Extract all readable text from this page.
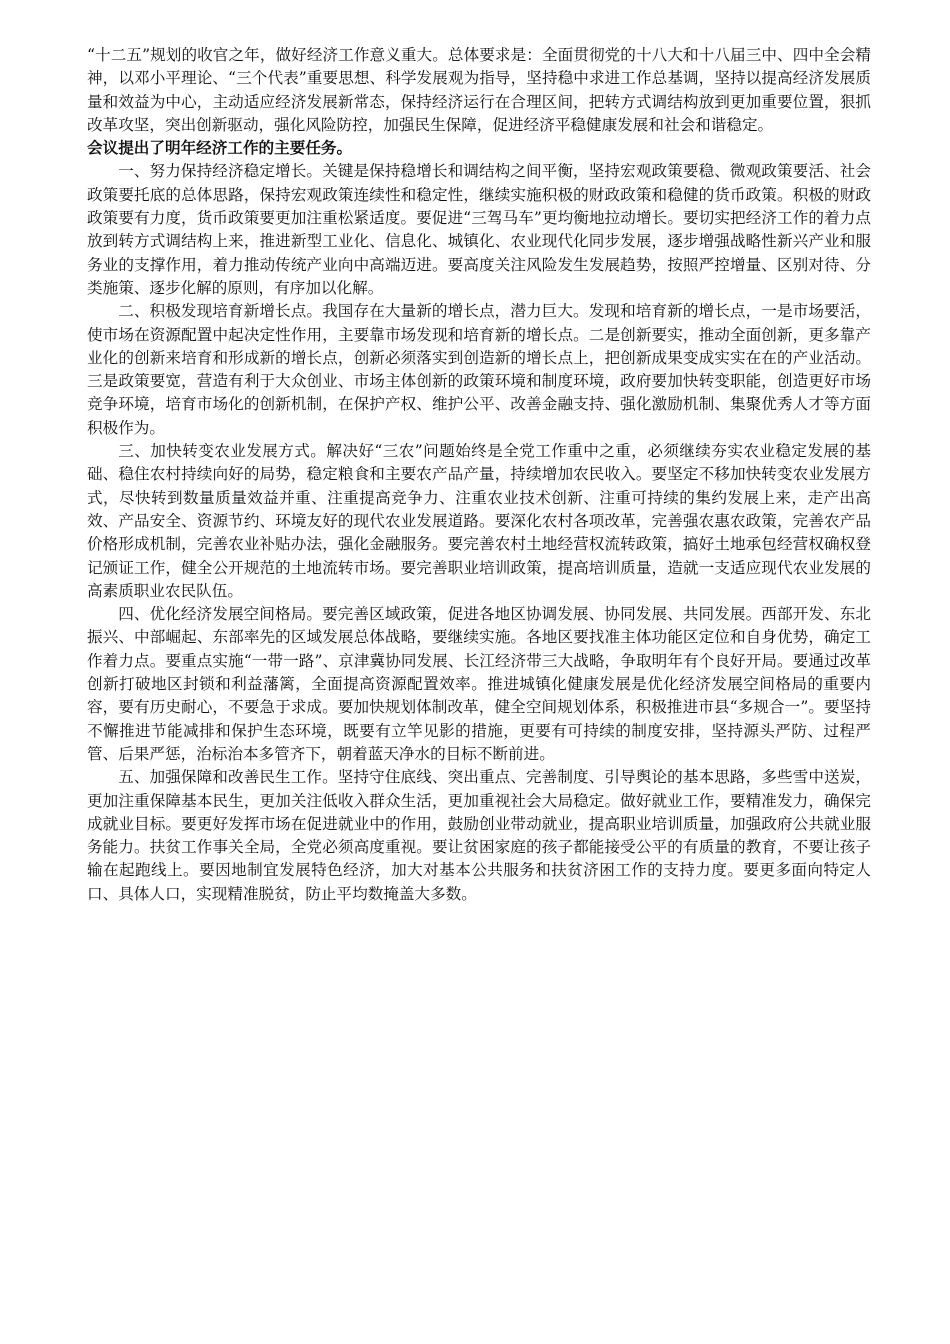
“十二五”规划的收官之年，做好经济工作意义重大。总体要求是：全面贯彻党的十八大和十八届三中、四中全会精神，以邓小平理论、“三个代表”重要思想、科学发展观为指导，坚持稳中求进工作总基调，坚持以提高经济发展质量和效益为中心，主动适应经济发展新常态，保持经济运行在合理区间，把转方式调结构放到更加重要位置，狠抓改革攻坚，突出创新驱动，强化风险防控，加强民生保障，促进经济平稳健康发展和社会和谐稳定。

会议提出了明年经济工作的主要任务。

一、努力保持经济稳定增长。关键是保持稳增长和调结构之间平衡，坚持宏观政策要稳、微观政策要活、社会政策要托底的总体思路，保持宏观政策连续性和稳定性，继续实施积极的财政政策和稳健的货币政策。积极的财政政策要有力度，货币政策要更加注重松紧适度。要促进“三驾马车”更均衡地拉动增长。要切实把经济工作的着力点放到转方式调结构上来，推进新型工业化、信息化、城镇化、农业现代化同步发展，逐步增强战略性新兴产业和服务业的支撑作用，着力推动传统产业向中高端迈进。要高度关注风险发生发展趋势，按照严控增量、区别对待、分类施策、逐步化解的原则，有序加以化解。

二、积极发现培育新增长点。我国存在大量新的增长点，潜力巨大。发现和培育新的增长点，一是市场要活，使市场在资源配置中起决定性作用，主要靠市场发现和培育新的增长点。二是创新要实，推动全面创新，更多靠产业化的创新来培育和形成新的增长点，创新必须落实到创造新的增长点上，把创新成果变成实实在在的产业活动。三是政策要宽，营造有利于大众创业、市场主体创新的政策环境和制度环境，政府要加快转变职能，创造更好市场竞争环境，培育市场化的创新机制，在保护产权、维护公平、改善金融支持、强化激励机制、集聚优秀人才等方面积极作为。

三、加快转变农业发展方式。解决好“三农”问题始终是全党工作重中之重，必须继续夯实农业稳定发展的基础、稳住农村持续向好的局势，稳定粮食和主要农产品产量，持续增加农民收入。要坚定不移加快转变农业发展方式，尽快转到数量质量效益并重、注重提高竞争力、注重农业技术创新、注重可持续的集约发展上来，走产出高效、产品安全、资源节约、环境友好的现代农业发展道路。要深化农村各项改革，完善强农惠农政策，完善农产品价格形成机制，完善农业补贴办法，强化金融服务。要完善农村土地经营权流转政策，搞好土地承包经营权确权登记颁证工作，健全公开规范的土地流转市场。要完善职业培训政策，提高培训质量，造就一支适应现代农业发展的高素质职业农民队伍。

四、优化经济发展空间格局。要完善区域政策，促进各地区协调发展、协同发展、共同发展。西部开发、东北振兴、中部崛起、东部率先的区域发展总体战略，要继续实施。各地区要找准主体功能区定位和自身优势，确定工作着力点。要重点实施“一带一路”、京津冀协同发展、长江经济带三大战略，争取明年有个良好开局。要通过改革创新打破地区封锁和利益藩篱，全面提高资源配置效率。推进城镇化健康发展是优化经济发展空间格局的重要内容，要有历史耐心，不要急于求成。要加快规划体制改革，健全空间规划体系，积极推进市县“多规合一”。要坚持不懈推进节能减排和保护生态环境，既要有立竿见影的措施，更要有可持续的制度安排，坚持源头严防、过程严管、后果严惩，治标治本多管齐下，朝着蓝天净水的目标不断前进。

五、加强保障和改善民生工作。坚持守住底线、突出重点、完善制度、引导舆论的基本思路，多些雪中送炭，更加注重保障基本民生，更加关注低收入群众生活，更加重视社会大局稳定。做好就业工作，要精准发力，确保完成就业目标。要更好发挥市场在促进就业中的作用，鼓励创业带动就业，提高职业培训质量，加强政府公共就业服务能力。扶贫工作事关全局，全党必须高度重视。要让贫困家庭的孩子都能接受公平的有质量的教育，不要让孩子输在起跑线上。要因地制宜发展特色经济，加大对基本公共服务和扶贫济困工作的支持力度。要更多面向特定人口、具体人口，实现精准脱贫，防止平均数掩盖大多数。
